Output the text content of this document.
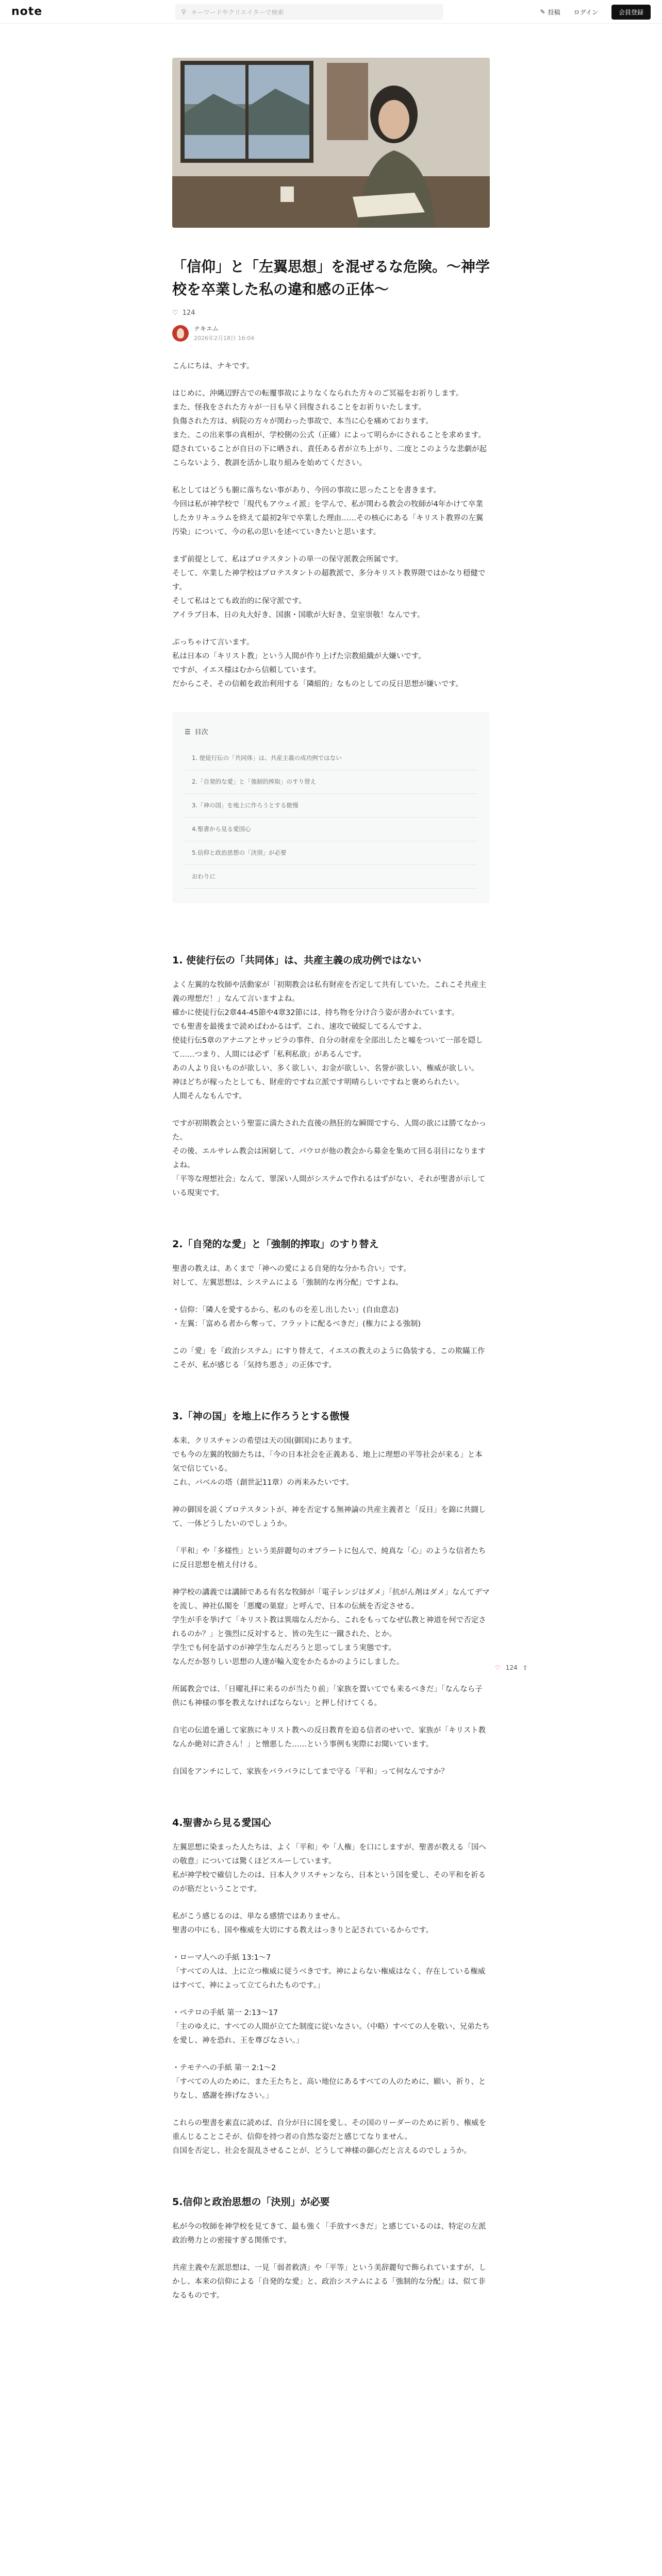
note	⚲ キーワードやクリエイターで検索	✎ 投稿 ログイン	会員登録
「信仰」と「左翼思想」を混ぜるな危険。〜神学校を卒業した私の違和感の正体〜
♡ 124
ナキエム
2026年2月18日 16:04

こんにちは、ナキです。

はじめに、沖縄辺野古での転覆事故によりなくなられた方々のご冥福をお祈りします。
また、怪我をされた方々が一日も早く回復されることをお祈りいたします。
負傷された方は、病院の方々が関わった事故で、本当に心を痛めております。
また、この出来事の真相が、学校側の公式（正確）によって明らかにされることを求めます。
隠されていることが自日の下に晒され、責任ある者が立ち上がり、二度とこのような悲劇が起こらないよう、教訓を活かし取り組みを始めてください。

私としてはどうも腑に落ちない事があり、今回の事故に思ったことを書きます。
今回は私が神学校で「現代もアウェイ派」を学んで、私が関わる教会の牧師が4年かけて卒業したカリキュラムを終えて最初2年で卒業した理由……その核心にある「キリスト教界の左翼汚染」について、今の私の思いを述べていきたいと思います。

まず前提として、私はプロテスタントの単一の保守派教会所属です。
そして、卒業した神学校はプロテスタントの超教派で、多分キリスト教界隈ではかなり穏健です。
そして私はとても政治的に保守派です。
アイラブ日本、日の丸大好き、国旗・国歌が大好き、皇室崇敬！なんです。

ぶっちゃけて言います。
私は日本の「キリスト教」という人間が作り上げた宗教組織が大嫌いです。
ですが、イエス様はむから信頼しています。
だからこそ、その信頼を政治利用する「隣組的」なものとしての反日思想が嫌いです。

☰ 目次
1. 使徒行伝の「共同体」は、共産主義の成功例ではない
2.「自発的な愛」と「強制的搾取」のすり替え
3.「神の国」を地上に作ろうとする傲慢
4.聖書から見る愛国心
5.信仰と政治思想の「決別」が必要
おわりに
1. 使徒行伝の「共同体」は、共産主義の成功例ではない

よく左翼的な牧師や活動家が「初期教会は私有財産を否定して共有していた。これこそ共産主義の理想だ！」なんて言いますよね。
確かに使徒行伝2章44-45節や4章32節には、持ち物を分け合う姿が書かれています。
でも聖書を最後まで読めばわかるはず。これ、速攻で破綻してるんですよ。
使徒行伝5章のアナニアとサッピラの事件、自分の財産を全部出したと嘘をついて一部を隠して……つまり、人間には必ず「私利私欲」があるんです。
あの人より良いものが欲しい、多く欲しい、お金が欲しい、名誉が欲しい、権威が欲しい。
神ほどちが稼ったとしても、財産的ですね立派です明晴らしいですねと褒められたい。
人間そんなもんです。

ですが初期教会という聖霊に満たされた直後の熱狂的な瞬間ですら、人間の欲には勝てなかった。
その後、エルサレム教会は困窮して、パウロが他の教会から募金を集めて回る羽目になりますよね。
「平等な理想社会」なんて、罪深い人間がシステムで作れるはずがない、それが聖書が示している現実です。

2.「自発的な愛」と「強制的搾取」のすり替え

聖書の教えは、あくまで「神への愛による自発的な分かち合い」です。
対して、左翼思想は、システムによる「強制的な再分配」ですよね。

・信仰：「隣人を愛するから、私のものを差し出したい」(自由意志)
・左翼：「富める者から奪って、フラットに配るべきだ」(権力による強制)

この「愛」を「政治システム」にすり替えて、イエスの教えのように偽装する、この欺瞞工作こそが、私が感じる「気持ち悪さ」の正体です。

3.「神の国」を地上に作ろうとする傲慢

本来、クリスチャンの希望は天の国(御国)にあります。
でも今の左翼的牧師たちは、「今の日本社会を正義ある、地上に理想の平等社会が来る」と本気で信じている。
これ、バベルの塔（創世記11章）の再来みたいです。

神の御国を説くプロテスタントが、神を否定する無神論の共産主義者と「反日」を錦に共闘して、一体どうしたいのでしょうか。

「平和」や「多様性」という美辞麗句のオブラートに包んで、純真な「心」のような信者たちに反日思想を植え付ける。

神学校の講義では講師である有名な牧師が「電子レンジはダメ」「抗がん剤はダメ」なんてデマを流し、神社仏閣を「悪魔の巣窟」と呼んで、日本の伝統を否定させる。
学生が手を挙げて「キリスト教は異端なんだから、これをもってなぜ仏教と神道を何で否定されるのか？」と強烈に反対すると、皆の先生に一蹴された、とか。
学生でも何を話すのが神学生なんだろうと思ってしまう実態です。
なんだか怒りしい思想の人達が輪入変をかたるかのようにしました。

所属教会では、「日曜礼拝に来るのが当たり前」「家族を置いてでも来るべきだ」「なんなら子供にも神様の事を教えなければならない」と押し付けてくる。

自宅の伝道を通して家族にキリスト教への反日教育を迫る信者のせいで、家族が「キリスト教なんか絶対に許さん！」と憎悪した……という事例も実際にお聞いています。

自国をアンチにして、家族をバラバラにしてまで守る「平和」って何なんですか？

4.聖書から見る愛国心

左翼思想に染まった人たちは、よく「平和」や「人権」を口にしますが、聖書が教える「国への敬意」については驚くほどスルーしています。
私が神学校で確信したのは、日本人クリスチャンなら、日本という国を愛し、その平和を祈るのが筋だということです。

私がこう感じるのは、単なる感情ではありません。
聖書の中にも、国や権威を大切にする教えはっきりと記されているからです。

・ローマ人への手紙 13:1〜7
「すべての人は、上に立つ権威に従うべきです。神によらない権威はなく、存在している権威はすべて、神によって立てられたものです。」

・ペテロの手紙 第一 2:13〜17
「主のゆえに、すべての人間が立てた制度に従いなさい。（中略）すべての人を敬い、兄弟たちを愛し、神を恐れ、王を尊びなさい。」

・テモテへの手紙 第一 2:1〜2
「すべての人のために、また王たちと、高い地位にあるすべての人のために、願い、祈り、とりなし、感謝を捧げなさい。」

これらの聖書を素直に読めば、自分が日に国を愛し、その国のリーダーのために祈り、権威を重んじることこそが、信仰を持つ者の自然な姿だと感じてなりません。
自国を否定し、社会を混乱させることが、どうして神様の御心だと言えるのでしょうか。

5.信仰と政治思想の「決別」が必要

私が今の牧師を神学校を見てきて、最も強く「手放すべきだ」と感じているのは、特定の左派政治勢力との密接すぎる関係です。

共産主義や左派思想は、一見「弱者救済」や「平等」という美辞麗句で飾られていますが、しかし、本来の信仰による「自発的な愛」と、政治システムによる「強制的な分配」は、似て非なるものです。

♡ 124 ⇧
